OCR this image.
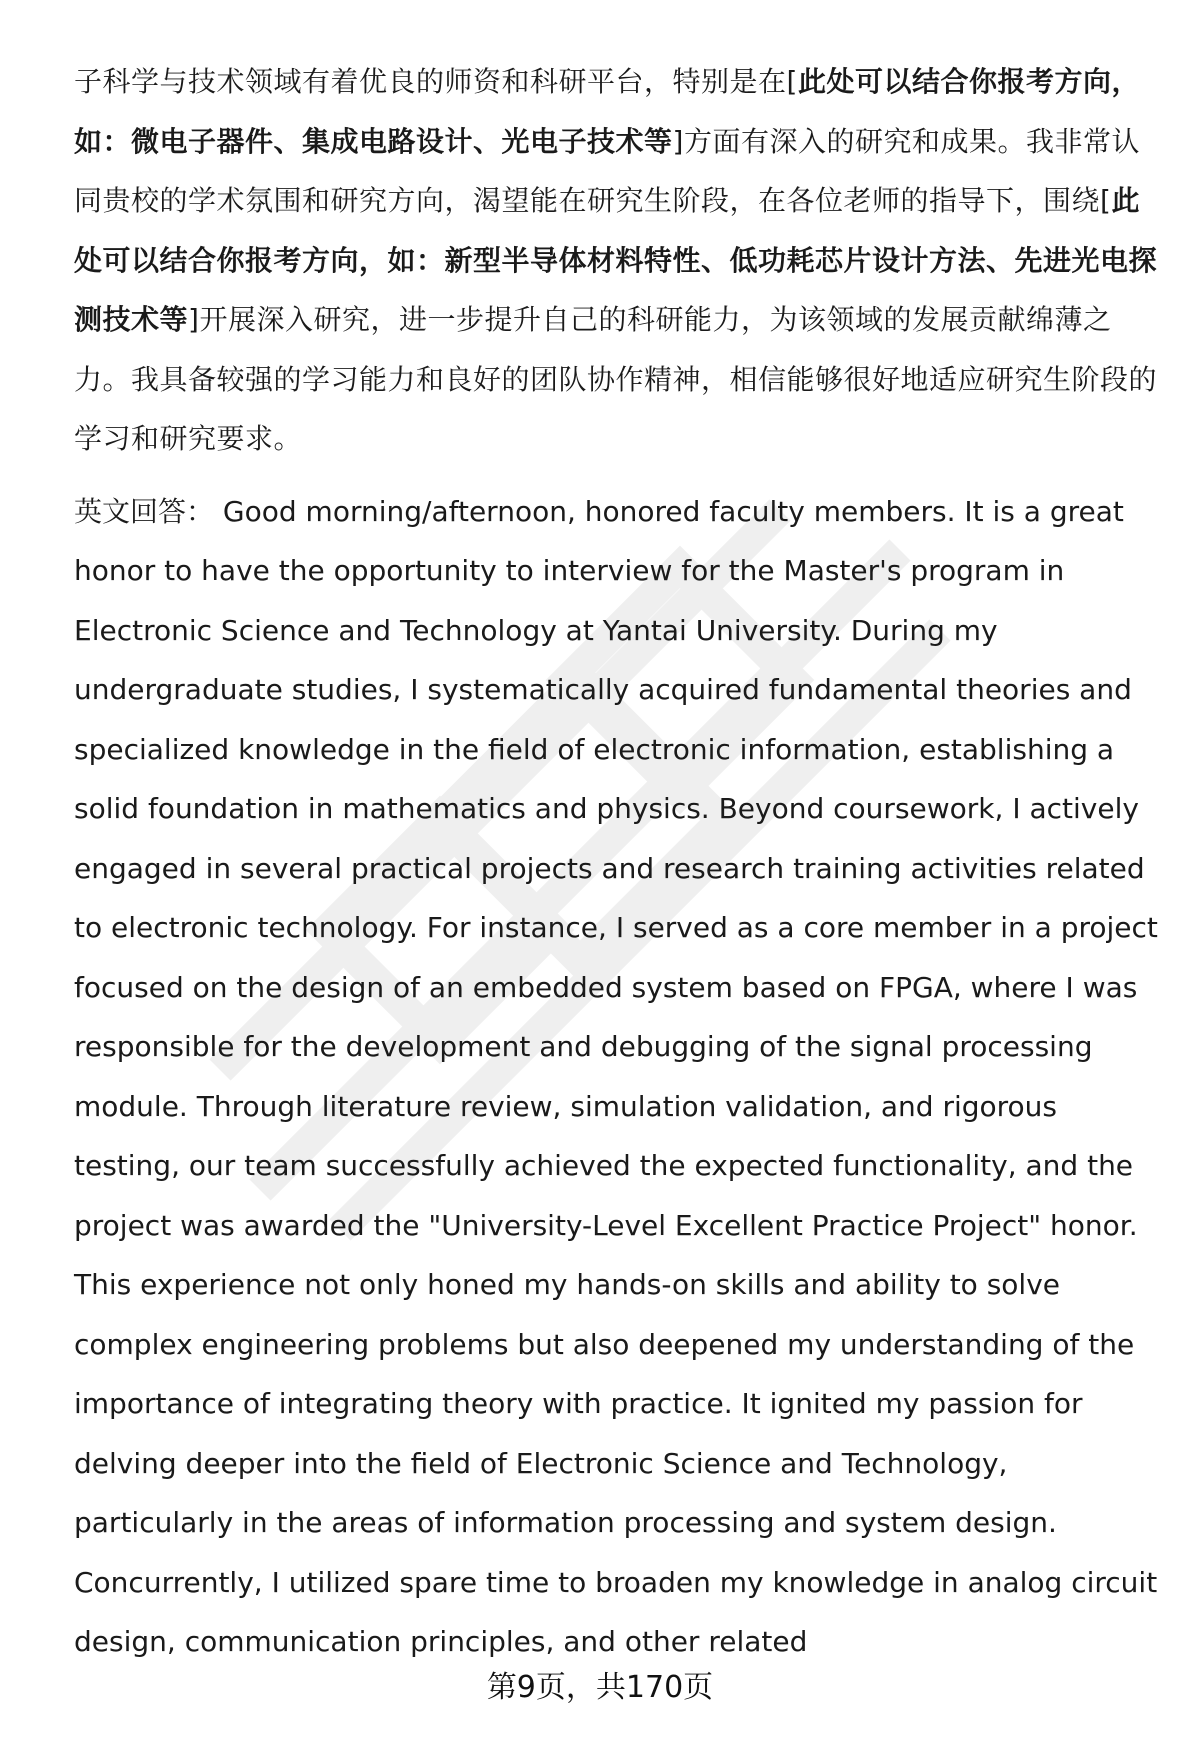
子科学与技术领域有着优良的师资和科研平台，特别是在[此处可以结合你报考方向，如：微电子器件、集成电路设计、光电子技术等]方面有深入的研究和成果。我非常认同贵校的学术氛围和研究方向，渴望能在研究生阶段，在各位老师的指导下，围绕[此处可以结合你报考方向，如：新型半导体材料特性、低功耗芯片设计方法、先进光电探测技术等]开展深入研究，进一步提升自己的科研能力，为该领域的发展贡献绵薄之力。我具备较强的学习能力和良好的团队协作精神，相信能够很好地适应研究生阶段的学习和研究要求。

英文回答： Good morning/afternoon, honored faculty members. It is a great honor to have the opportunity to interview for the Master's program in Electronic Science and Technology at Yantai University. During my undergraduate studies, I systematically acquired fundamental theories and specialized knowledge in the field of electronic information, establishing a solid foundation in mathematics and physics. Beyond coursework, I actively engaged in several practical projects and research training activities related to electronic technology. For instance, I served as a core member in a project focused on the design of an embedded system based on FPGA, where I was responsible for the development and debugging of the signal processing module. Through literature review, simulation validation, and rigorous testing, our team successfully achieved the expected functionality, and the project was awarded the "University-Level Excellent Practice Project" honor. This experience not only honed my hands-on skills and ability to solve complex engineering problems but also deepened my understanding of the importance of integrating theory with practice. It ignited my passion for delving deeper into the field of Electronic Science and Technology, particularly in the areas of information processing and system design. Concurrently, I utilized spare time to broaden my knowledge in analog circuit design, communication principles, and other related

第9页，共170页
